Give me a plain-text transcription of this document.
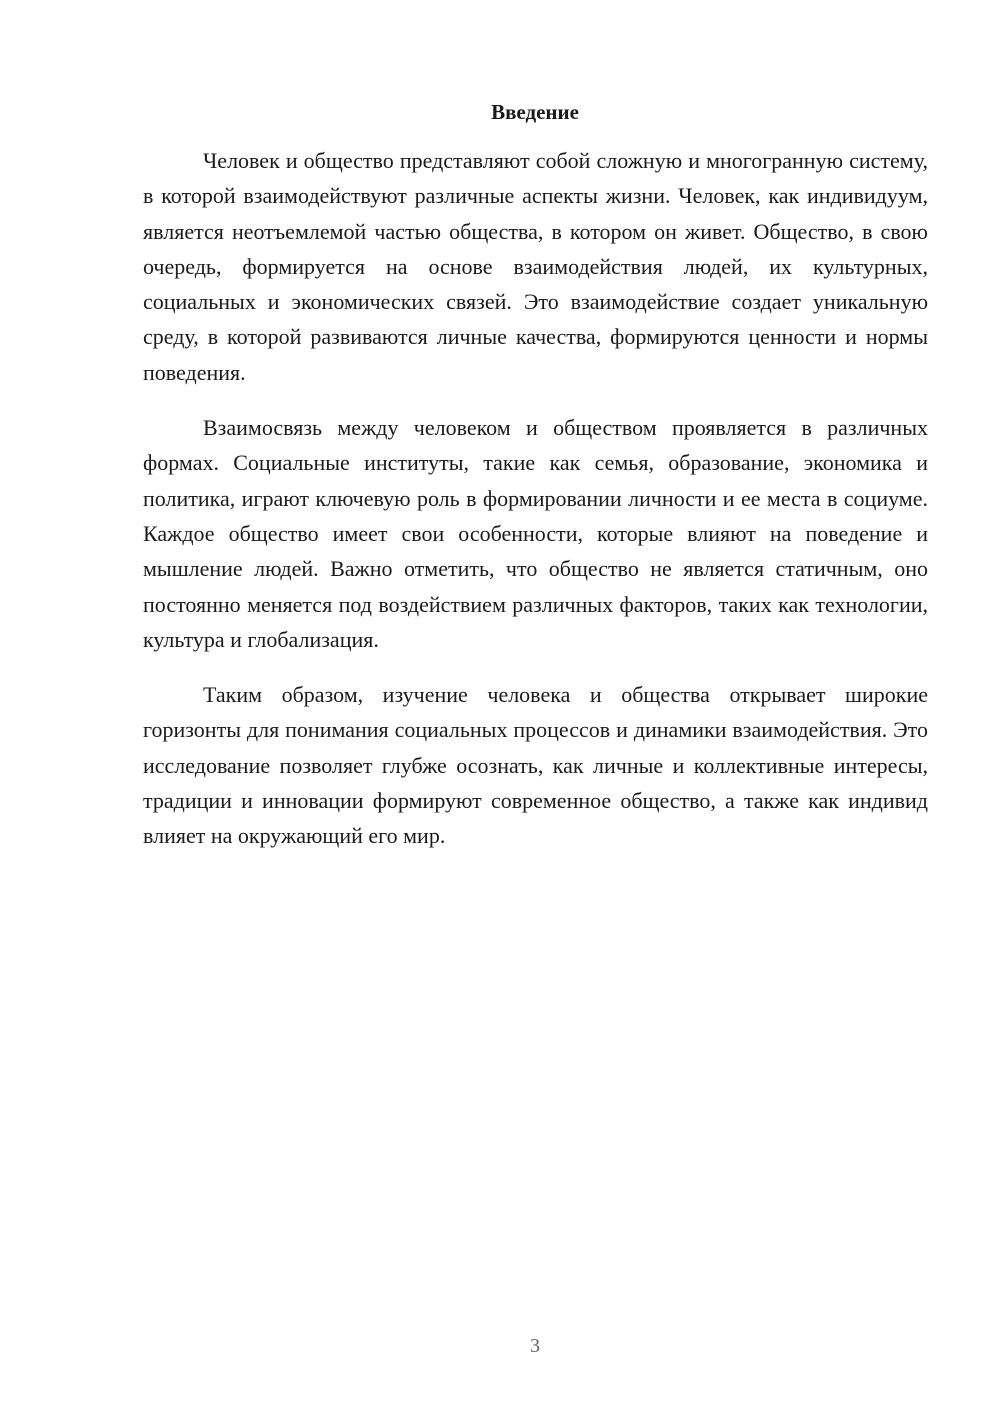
Введение

Человек и общество представляют собой сложную и многогранную систему, в которой взаимодействуют различные аспекты жизни. Человек, как индивидуум, является неотъемлемой частью общества, в котором он живет. Общество, в свою очередь, формируется на основе взаимодействия людей, их культурных, социальных и экономических связей. Это взаимодействие создает уникальную среду, в которой развиваются личные качества, формируются ценности и нормы поведения.

Взаимосвязь между человеком и обществом проявляется в различных формах. Социальные институты, такие как семья, образование, экономика и политика, играют ключевую роль в формировании личности и ее места в социуме. Каждое общество имеет свои особенности, которые влияют на поведение и мышление людей. Важно отметить, что общество не является статичным, оно постоянно меняется под воздействием различных факторов, таких как технологии, культура и глобализация.

Таким образом, изучение человека и общества открывает широкие горизонты для понимания социальных процессов и динамики взаимодействия. Это исследование позволяет глубже осознать, как личные и коллективные интересы, традиции и инновации формируют современное общество, а также как индивид влияет на окружающий его мир.

3
